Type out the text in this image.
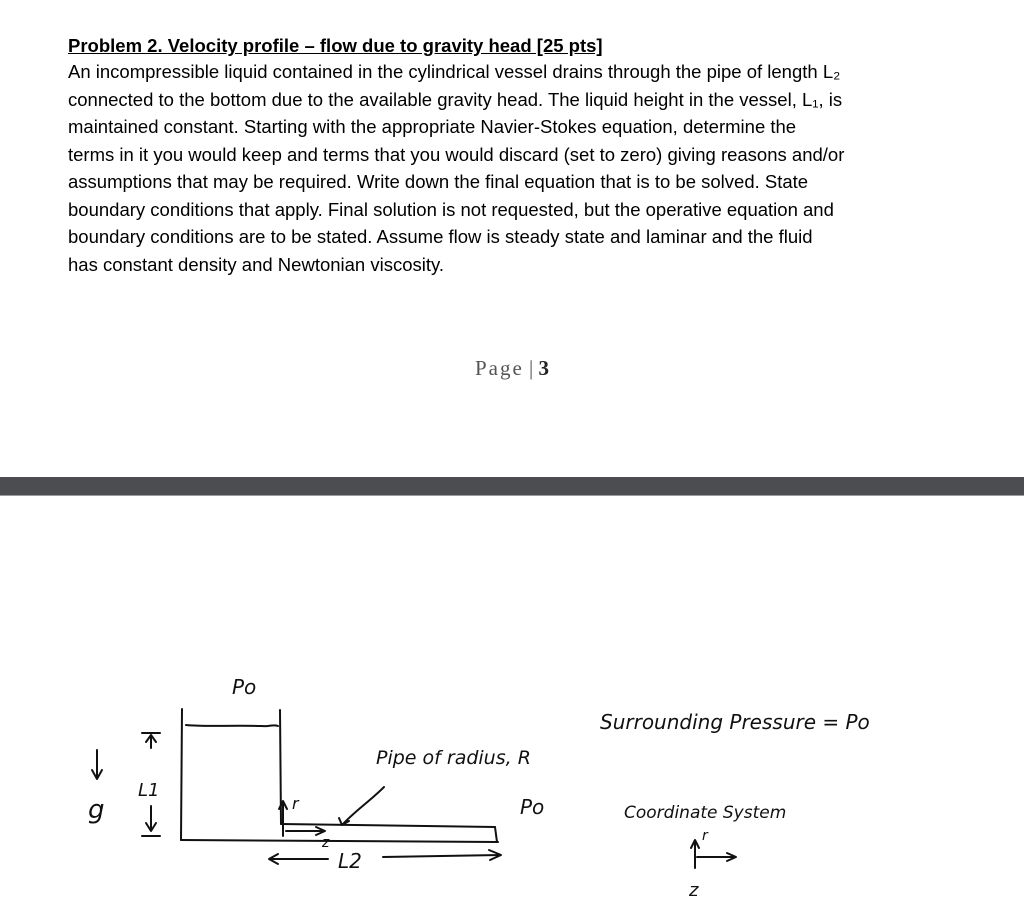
Problem 2. Velocity profile – flow due to gravity head [25 pts]

An incompressible liquid contained in the cylindrical vessel drains through the pipe of length L₂

connected to the bottom due to the available gravity head. The liquid height in the vessel, L₁, is

maintained constant. Starting with the appropriate Navier-Stokes equation, determine the

terms in it you would keep and terms that you would discard (set to zero) giving reasons and/or

assumptions that may be required. Write down the final equation that is to be solved. State

boundary conditions that apply. Final solution is not requested, but the operative equation and

boundary conditions are to be stated. Assume flow is steady state and laminar and the fluid

has constant density and Newtonian viscosity.

Page | 3
g
L1
Po
r
z
L2
Pipe of radius, R
Po
Surrounding Pressure = Po
Coordinate System
r
z
